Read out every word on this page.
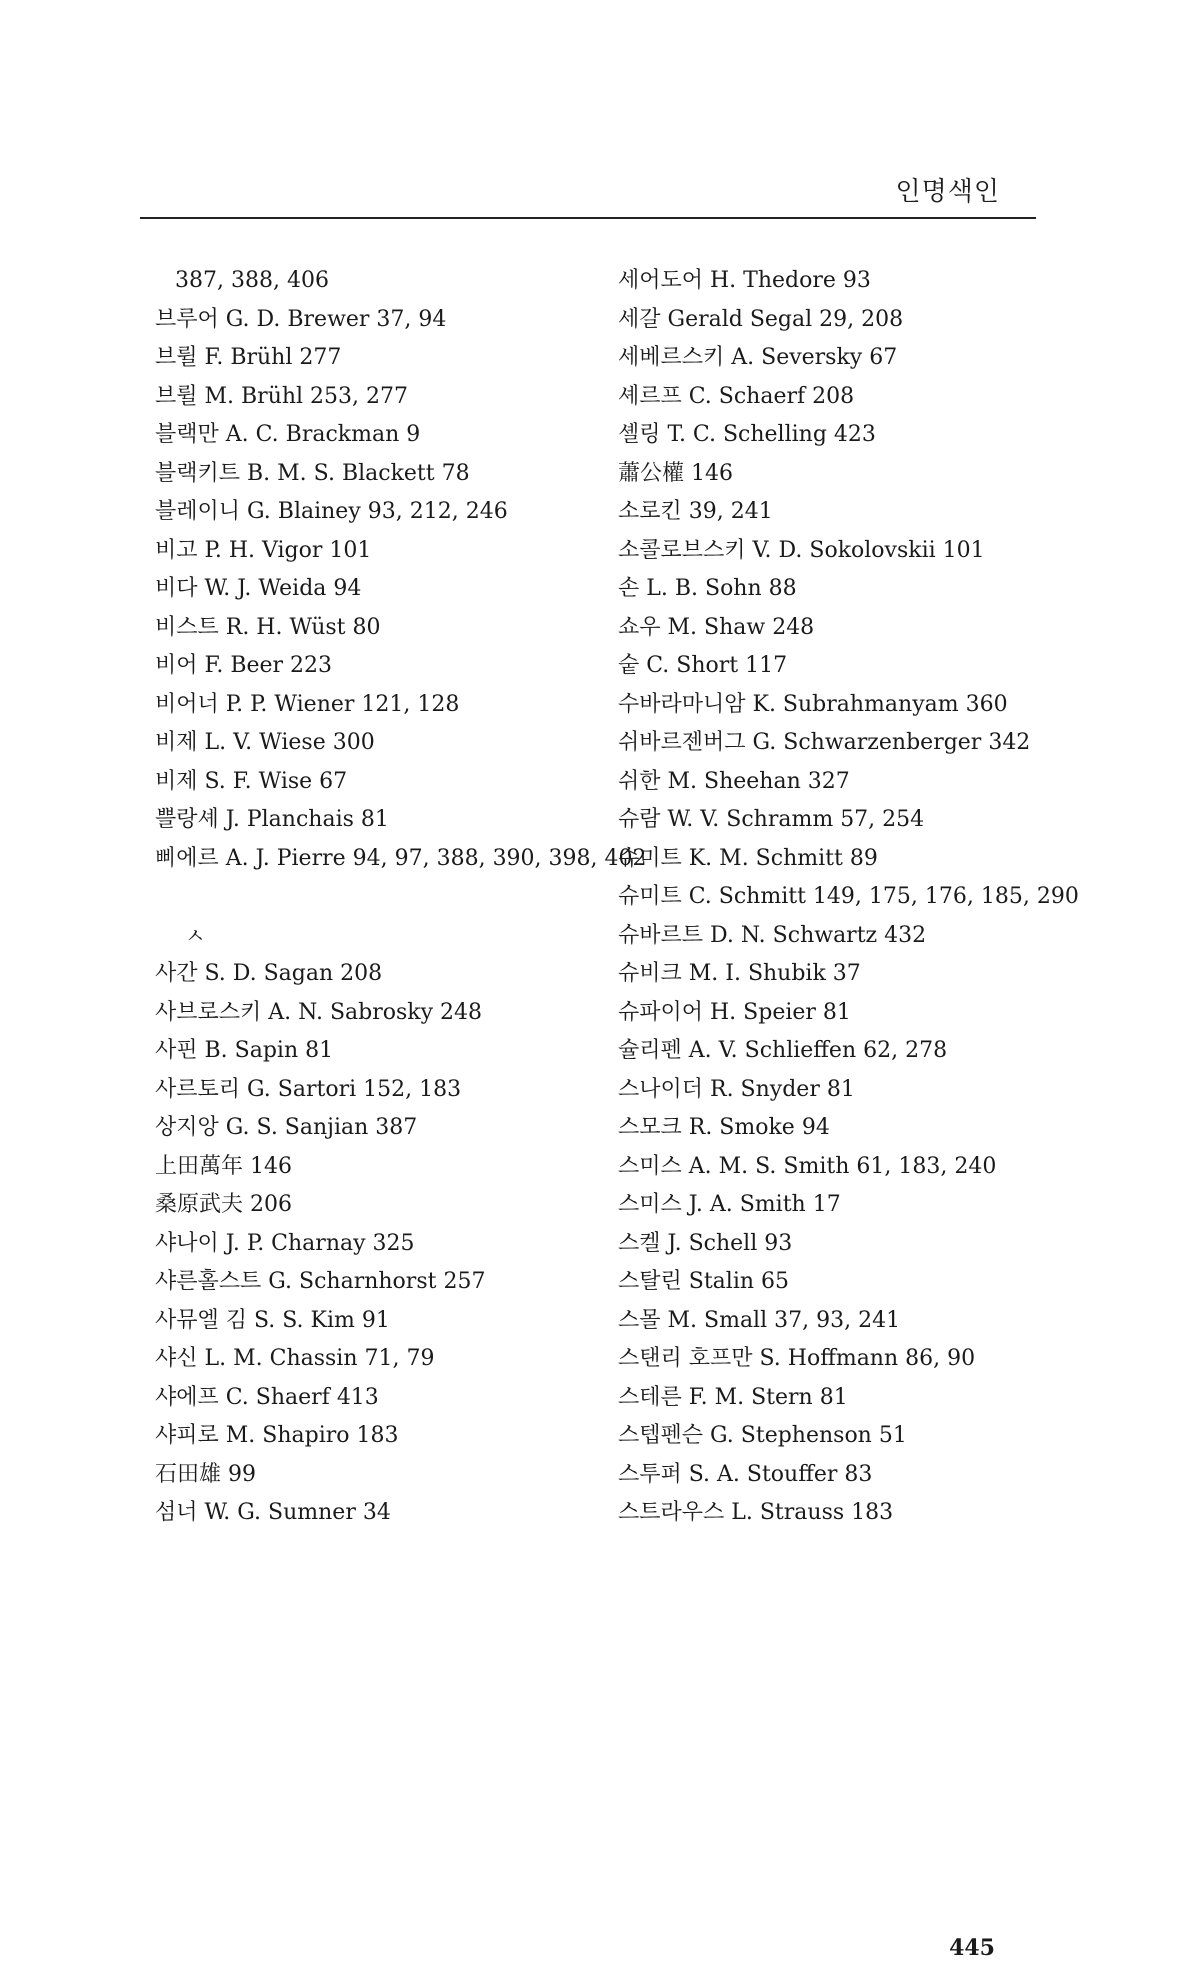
인명색인
387, 388, 406
브루어 G. D. Brewer 37, 94
브륄 F. Brühl 277
브륄 M. Brühl 253, 277
블랙만 A. C. Brackman 9
블랙키트 B. M. S. Blackett 78
블레이니 G. Blainey 93, 212, 246
비고 P. H. Vigor 101
비다 W. J. Weida 94
비스트 R. H. Wüst 80
비어 F. Beer 223
비어너 P. P. Wiener 121, 128
비제 L. V. Wiese 300
비제 S. F. Wise 67
쁠랑셰 J. Planchais 81
삐에르 A. J. Pierre 94, 97, 388, 390, 398, 402
ㅅ
사간 S. D. Sagan 208
사브로스키 A. N. Sabrosky 248
사핀 B. Sapin 81
사르토리 G. Sartori 152, 183
상지앙 G. S. Sanjian 387
上田萬年 146
桑原武夫 206
샤나이 J. P. Charnay 325
샤른홀스트 G. Scharnhorst 257
사뮤엘 김 S. S. Kim 91
샤신 L. M. Chassin 71, 79
샤에프 C. Shaerf 413
샤피로 M. Shapiro 183
石田雄 99
섬너 W. G. Sumner 34
세어도어 H. Thedore 93
세갈 Gerald Segal 29, 208
세베르스키 A. Seversky 67
셰르프 C. Schaerf 208
셸링 T. C. Schelling 423
蕭公權 146
소로킨 39, 241
소콜로브스키 V. D. Sokolovskii 101
손 L. B. Sohn 88
쇼우 M. Shaw 248
숱 C. Short 117
수바라마니암 K. Subrahmanyam 360
쉬바르젠버그 G. Schwarzenberger 342
쉬한 M. Sheehan 327
슈람 W. V. Schramm 57, 254
슈미트 K. M. Schmitt 89
슈미트 C. Schmitt 149, 175, 176, 185, 290
슈바르트 D. N. Schwartz 432
슈비크 M. I. Shubik 37
슈파이어 H. Speier 81
슐리펜 A. V. Schlieffen 62, 278
스나이더 R. Snyder 81
스모크 R. Smoke 94
스미스 A. M. S. Smith 61, 183, 240
스미스 J. A. Smith 17
스켈 J. Schell 93
스탈린 Stalin 65
스몰 M. Small 37, 93, 241
스탠리 호프만 S. Hoffmann 86, 90
스테른 F. M. Stern 81
스텝펜슨 G. Stephenson 51
스투퍼 S. A. Stouffer 83
스트라우스 L. Strauss 183
445
